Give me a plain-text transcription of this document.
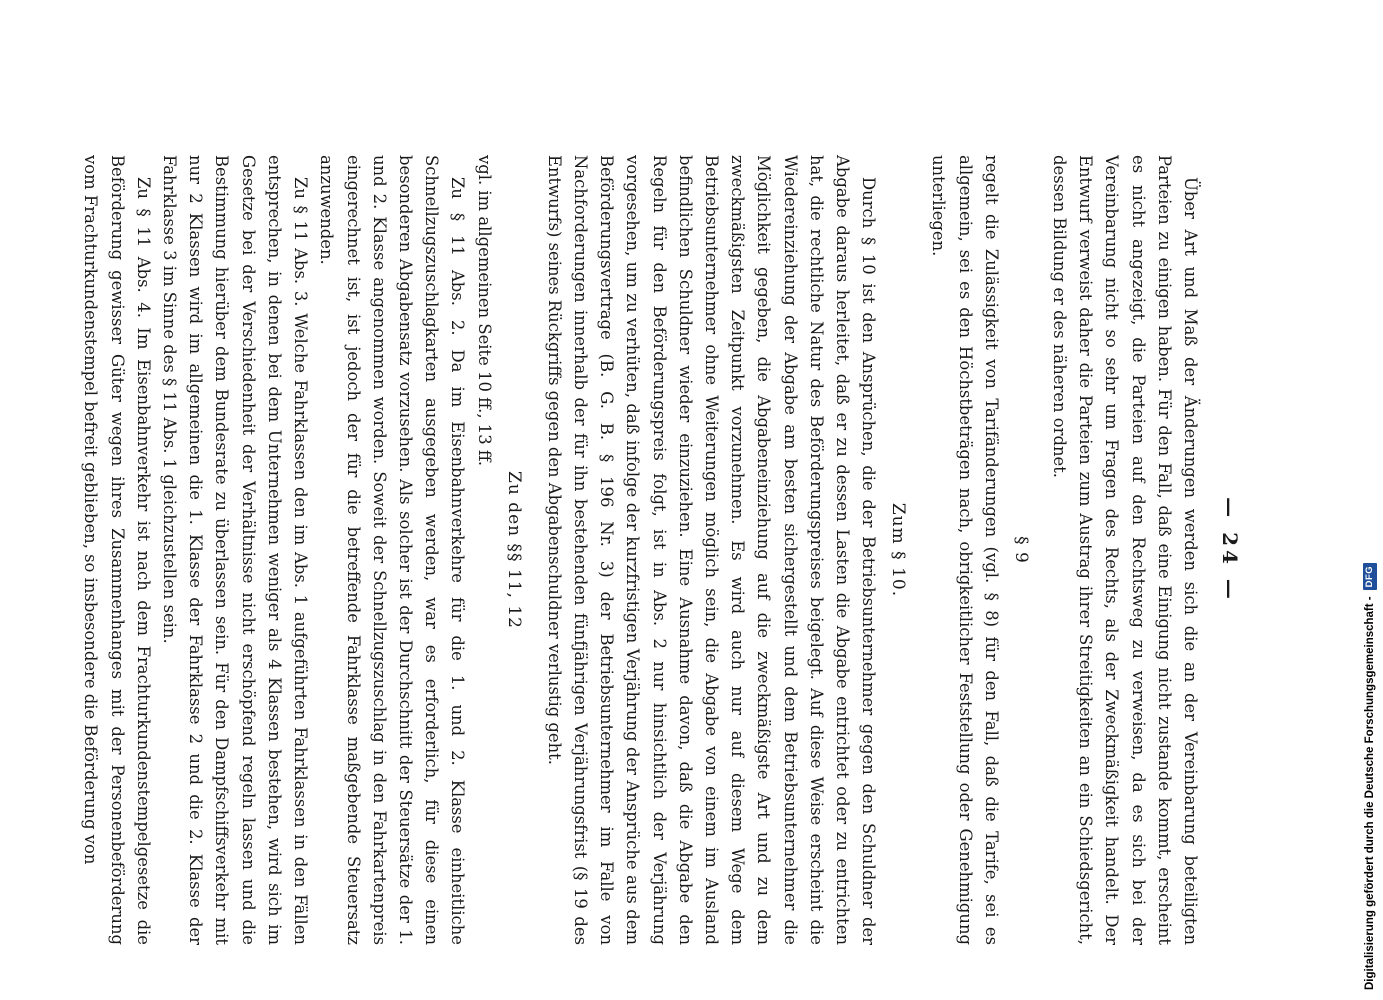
— 24 —

Über Art und Maß der Änderungen werden sich die an der Vereinbarung beteiligten Parteien zu einigen haben. Für den Fall, daß eine Einigung nicht zustande kommt, erscheint es nicht angezeigt, die Parteien auf den Rechtsweg zu verweisen, da es sich bei der Vereinbarung nicht so sehr um Fragen des Rechts, als der Zweckmäßigkeit handelt. Der Entwurf verweist daher die Parteien zum Austrag ihrer Streitigkeiten an ein Schiedsgericht, dessen Bildung er des näheren ordnet.

§ 9

regelt die Zulässigkeit von Tarifänderungen (vgl. § 8) für den Fall, daß die Tarife, sei es allgemein, sei es den Höchstbeträgen nach, obrigkeitlicher Feststellung oder Genehmigung unterliegen.

Zum § 10.

Durch § 10 ist den Ansprüchen, die der Betriebsunternehmer gegen den Schuldner der Abgabe daraus herleitet, daß er zu dessen Lasten die Abgabe entrichtet oder zu entrichten hat, die rechtliche Natur des Beförderungspreises beigelegt. Auf diese Weise erscheint die Wiedereinziehung der Abgabe am besten sichergestellt und dem Betriebsunternehmer die Möglichkeit gegeben, die Abgabeneinziehung auf die zweckmäßigste Art und zu dem zweckmäßigsten Zeitpunkt vorzunehmen. Es wird auch nur auf diesem Wege dem Betriebsunternehmer ohne Weiterungen möglich sein, die Abgabe von einem im Ausland befindlichen Schuldner wieder einzuziehen. Eine Ausnahme davon, daß die Abgabe den Regeln für den Beförderungspreis folgt, ist in Abs. 2 nur hinsichtlich der Verjährung vorgesehen, um zu verhüten, daß infolge der kurzfristigen Verjährung der Ansprüche aus dem Beförderungsvertrage (B. G. B. § 196 Nr. 3) der Betriebsunternehmer im Falle von Nachforderungen innerhalb der für ihn bestehenden fünfjährigen Verjährungsfrist (§ 19 des Entwurfs) seines Rückgriffs gegen den Abgabenschuldner verlustig geht.

Zu den §§ 11, 12

vgl. im allgemeinen Seite 10 ff., 13 ff.

Zu § 11 Abs. 2. Da im Eisenbahnverkehre für die 1. und 2. Klasse einheitliche Schnellzugszuschlagkarten ausgegeben werden, war es erforderlich, für diese einen besonderen Abgabensatz vorzusehen. Als solcher ist der Durchschnitt der Steuersätze der 1. und 2. Klasse angenommen worden. Soweit der Schnellzugszuschlag in den Fahrkartenpreis eingerechnet ist, ist jedoch der für die betreffende Fahrklasse maßgebende Steuersatz anzuwenden.

Zu § 11 Abs. 3. Welche Fahrklassen den im Abs. 1 aufgeführten Fahrklassen in den Fällen entsprechen, in denen bei dem Unternehmen weniger als 4 Klassen bestehen, wird sich im Gesetze bei der Verschiedenheit der Verhältnisse nicht erschöpfend regeln lassen und die Bestimmung hierüber dem Bundesrate zu überlassen sein. Für den Dampfschiffsverkehr mit nur 2 Klassen wird im allgemeinen die 1. Klasse der Fahrklasse 2 und die 2. Klasse der Fahrklasse 3 im Sinne des § 11 Abs. 1 gleichzustellen sein.

Zu § 11 Abs. 4. Im Eisenbahnverkehr ist nach dem Frachturkundenstempelgesetze die Beförderung gewisser Güter wegen ihres Zusammenhanges mit der Personenbeförderung vom Frachturkundenstempel befreit geblieben, so insbesondere die Beförderung von	Digitalisierung gefördert durch die Deutsche Forschungsgemeinschaft -
DFG
